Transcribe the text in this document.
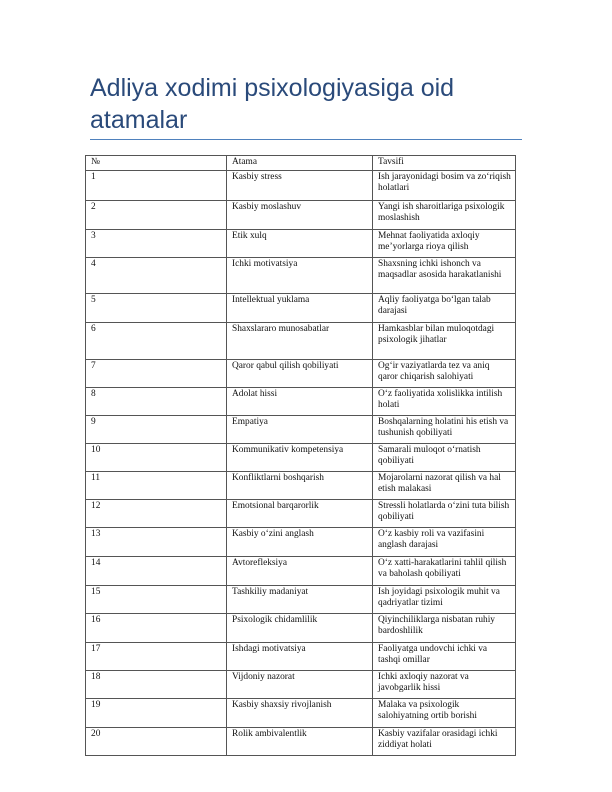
Adliya xodimi psixologiyasiga oid
atamalar
№	Atama	Tavsifi
1	Kasbiy stress	Ish jarayonidagi bosim va zo‘riqish holatlari
2	Kasbiy moslashuv	Yangi ish sharoitlariga psixologik moslashish
3	Etik xulq	Mehnat faoliyatida axloqiy me’yorlarga rioya qilish
4	Ichki motivatsiya	Shaxsning ichki ishonch va maqsadlar asosida harakatlanishi
5	Intellektual yuklama	Aqliy faoliyatga bo‘lgan talab darajasi
6	Shaxslararo munosabatlar	Hamkasblar bilan muloqotdagi psixologik jihatlar
7	Qaror qabul qilish qobiliyati	Og‘ir vaziyatlarda tez va aniq qaror chiqarish salohiyati
8	Adolat hissi	O‘z faoliyatida xolislikka intilish holati
9	Empatiya	Boshqalarning holatini his etish va tushunish qobiliyati
10	Kommunikativ kompetensiya	Samarali muloqot o‘rnatish qobiliyati
11	Konfliktlarni boshqarish	Mojarolarni nazorat qilish va hal etish malakasi
12	Emotsional barqarorlik	Stressli holatlarda o‘zini tuta bilish qobiliyati
13	Kasbiy o‘zini anglash	O‘z kasbiy roli va vazifasini anglash darajasi
14	Avtorefleksiya	O‘z xatti-harakatlarini tahlil qilish va baholash qobiliyati
15	Tashkiliy madaniyat	Ish joyidagi psixologik muhit va qadriyatlar tizimi
16	Psixologik chidamlilik	Qiyinchiliklarga nisbatan ruhiy bardoshlilik
17	Ishdagi motivatsiya	Faoliyatga undovchi ichki va tashqi omillar
18	Vijdoniy nazorat	Ichki axloqiy nazorat va javobgarlik hissi
19	Kasbiy shaxsiy rivojlanish	Malaka va psixologik salohiyatning ortib borishi
20	Rolik ambivalentlik	Kasbiy vazifalar orasidagi ichki ziddiyat holati
